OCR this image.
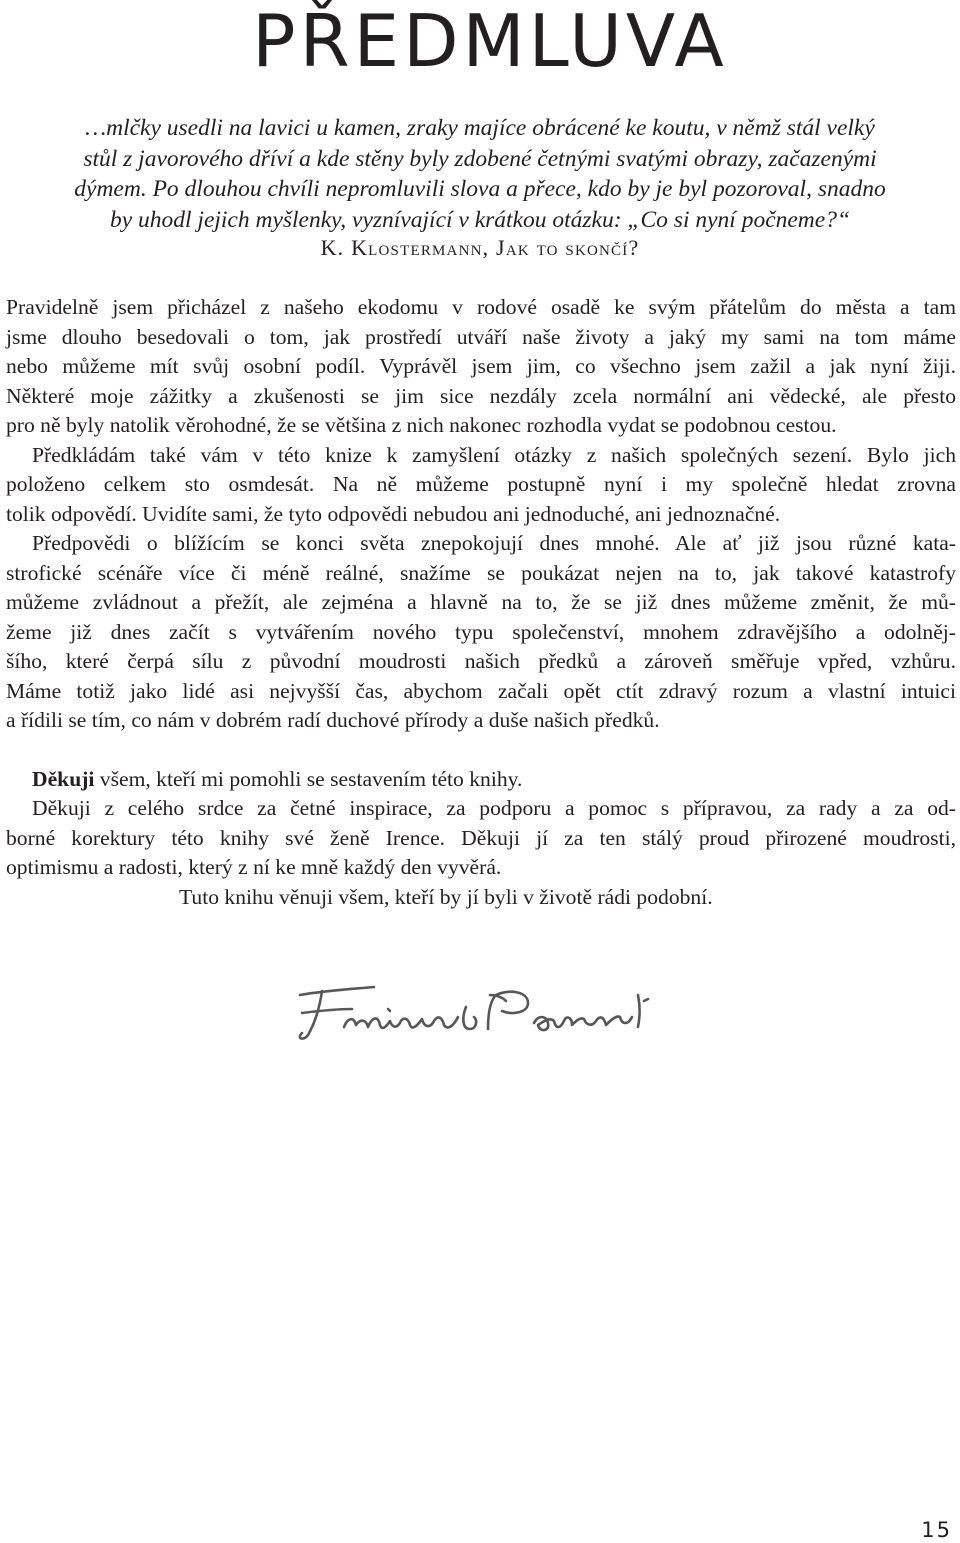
PŘEDMLUVA
…mlčky usedli na lavici u kamen, zraky majíce obrácené ke koutu, v němž stál velký
stůl z javorového dříví a kde stěny byly zdobené četnými svatými obrazy, začazenými
dýmem. Po dlouhou chvíli nepromluvili slova a přece, kdo by je byl pozoroval, snadno
by uhodl jejich myšlenky, vyznívající v krátkou otázku: „Co si nyní počneme?“
K. Klostermann, Jak to skončí?
Pravidelně jsem přicházel z našeho ekodomu v rodové osadě ke svým přátelům do města a tam
jsme dlouho besedovali o tom, jak prostředí utváří naše životy a jaký my sami na tom máme
nebo můžeme mít svůj osobní podíl. Vyprávěl jsem jim, co všechno jsem zažil a jak nyní žiji.
Některé moje zážitky a zkušenosti se jim sice nezdály zcela normální ani vědecké, ale přesto
pro ně byly natolik věrohodné, že se většina z nich nakonec rozhodla vydat se podobnou cestou.
Předkládám také vám v této knize k zamyšlení otázky z našich společných sezení. Bylo jich
položeno celkem sto osmdesát. Na ně můžeme postupně nyní i my společně hledat zrovna
tolik odpovědí. Uvidíte sami, že tyto odpovědi nebudou ani jednoduché, ani jednoznačné.
Předpovědi o blížícím se konci světa znepokojují dnes mnohé. Ale ať již jsou různé kata-
strofické scénáře více či méně reálné, snažíme se poukázat nejen na to, jak takové katastrofy
můžeme zvládnout a přežít, ale zejména a hlavně na to, že se již dnes můžeme změnit, že mů-
žeme již dnes začít s vytvářením nového typu společenství, mnohem zdravějšího a odolněj-
šího, které čerpá sílu z původní moudrosti našich předků a zároveň směřuje vpřed, vzhůru.
Máme totiž jako lidé asi nejvyšší čas, abychom začali opět ctít zdravý rozum a vlastní intuici
a řídili se tím, co nám v dobrém radí duchové přírody a duše našich předků.
Děkuji všem, kteří mi pomohli se sestavením této knihy.
Děkuji z celého srdce za četné inspirace, za podporu a pomoc s přípravou, za rady a za od-
borné korektury této knihy své ženě Irence. Děkuji jí za ten stálý proud přirozené moudrosti,
optimismu a radosti, který z ní ke mně každý den vyvěrá.
Tuto knihu věnuji všem, kteří by jí byli v životě rádi podobní.
15
